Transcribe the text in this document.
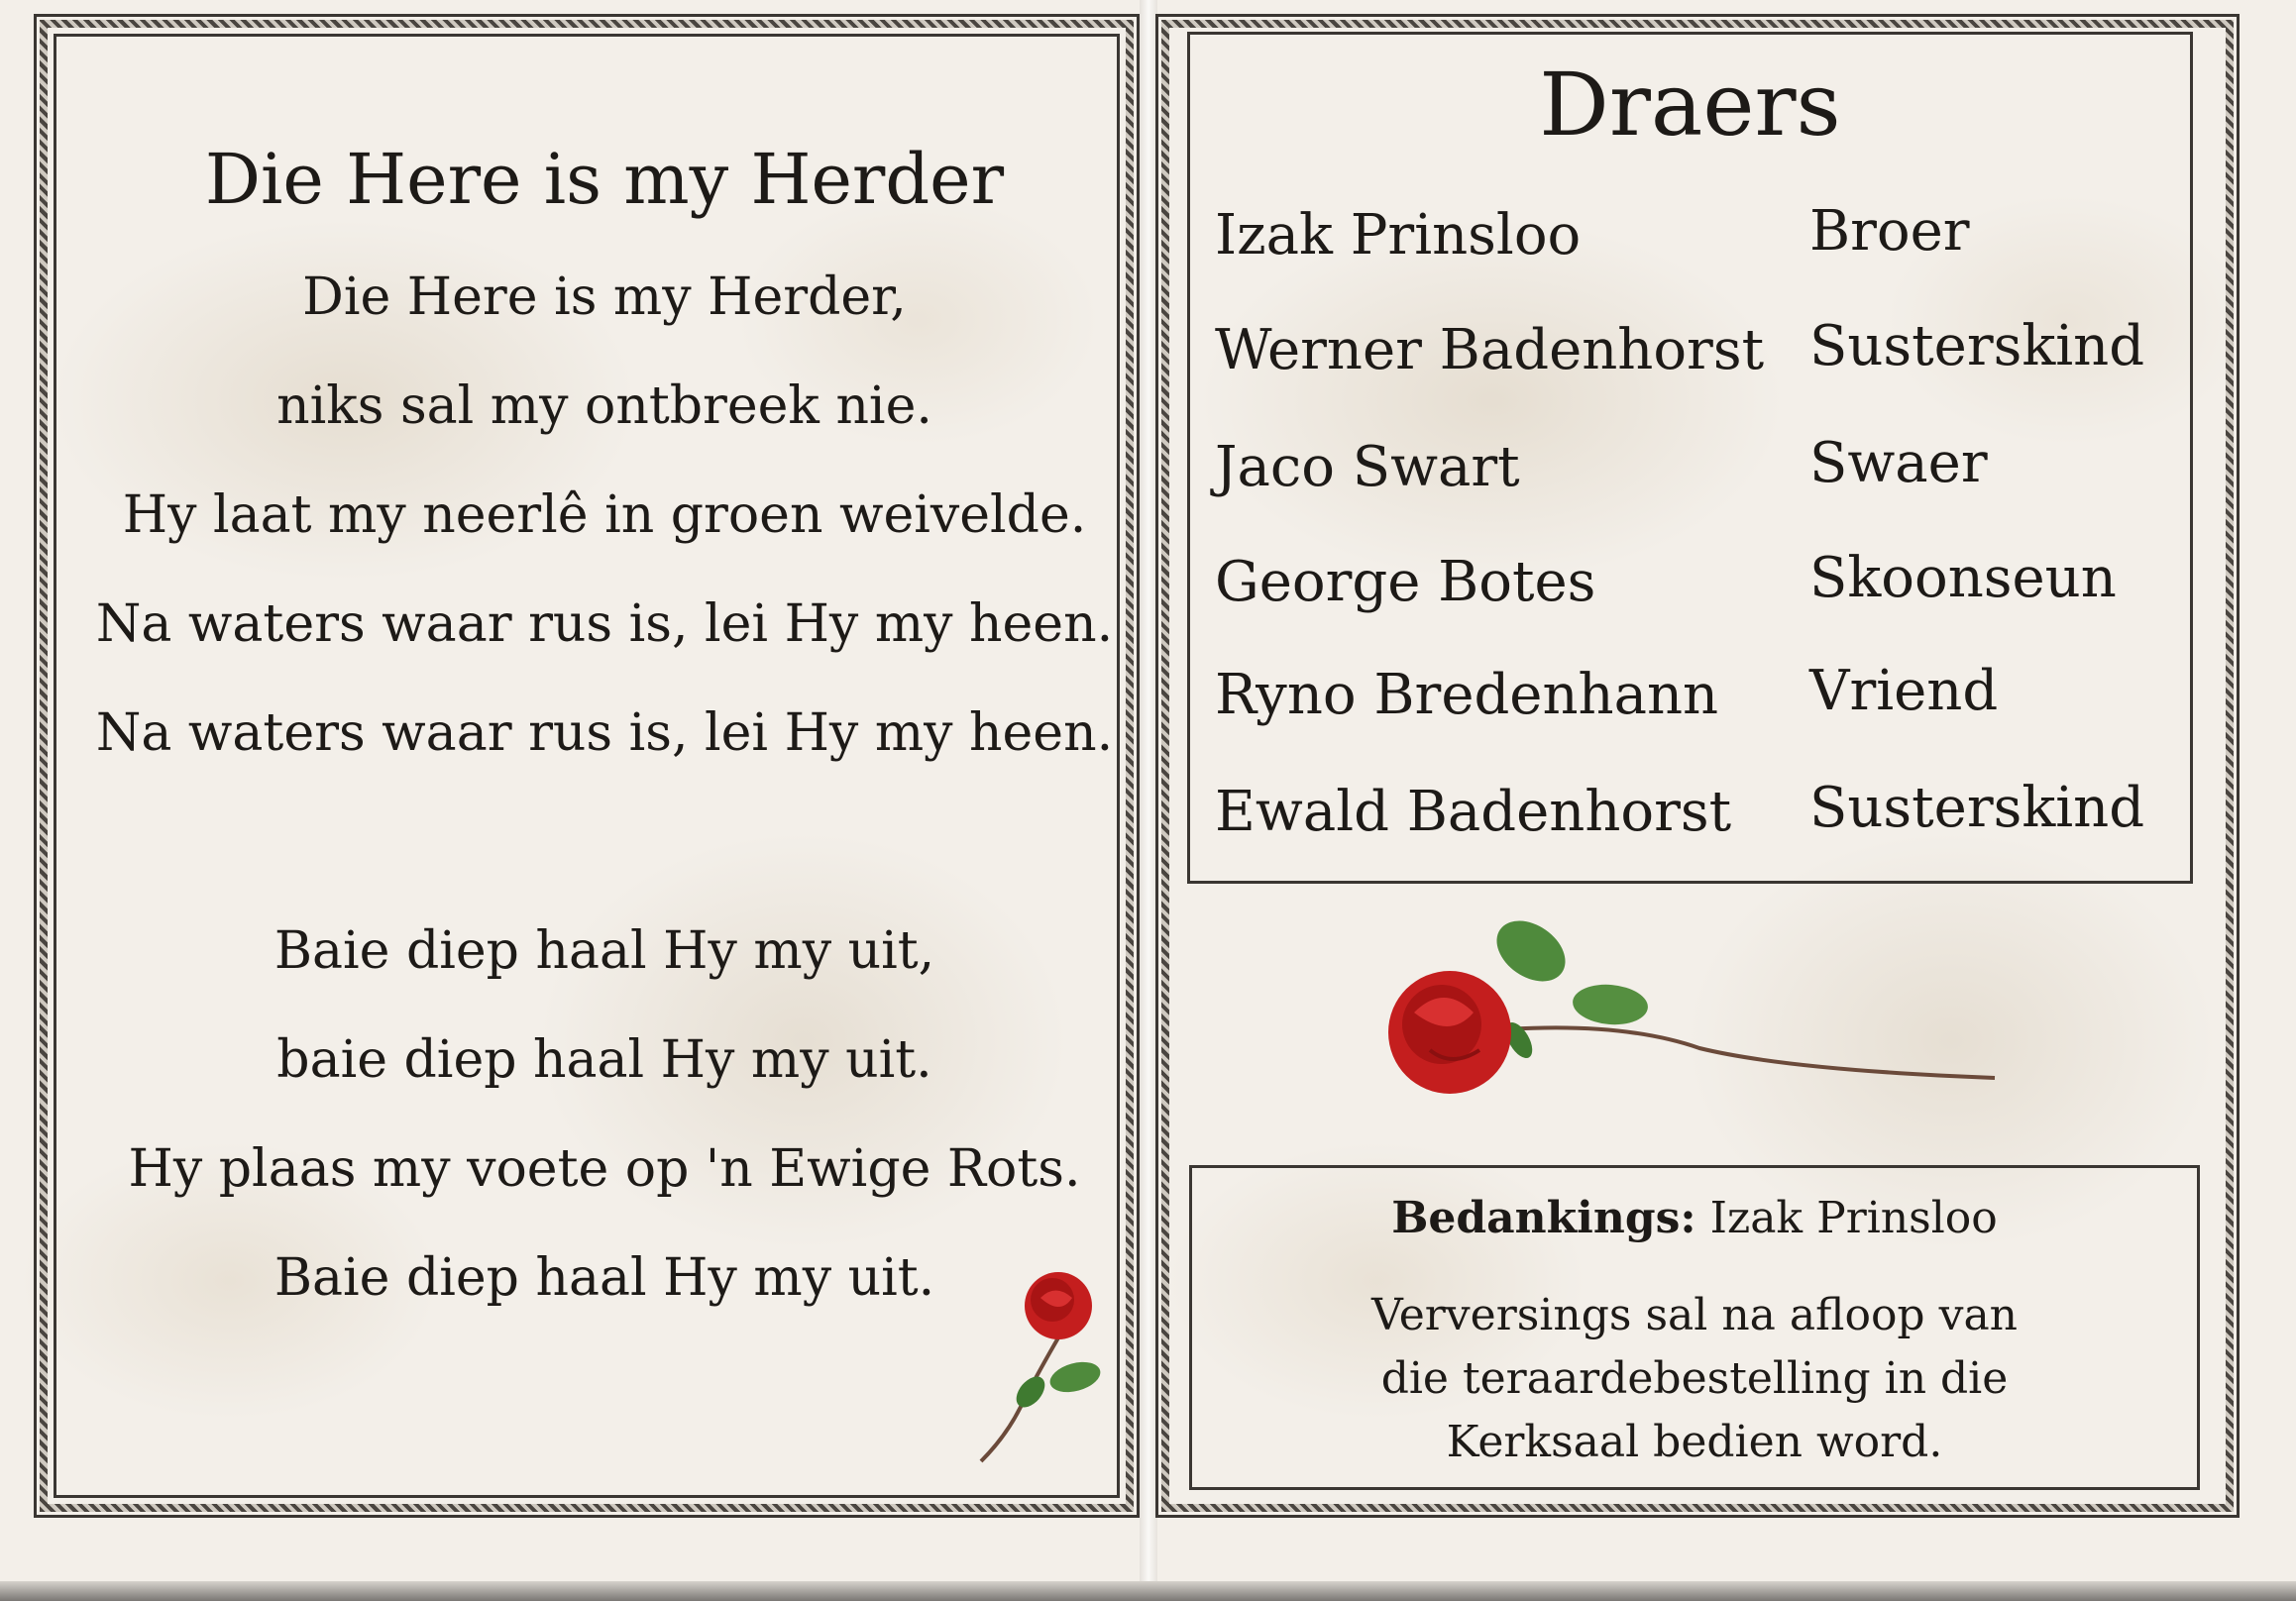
Die Here is my Herder
Die Here is my Herder,
niks sal my ontbreek nie.
Hy laat my neerlê in groen weivelde.
Na waters waar rus is, lei Hy my heen.
Na waters waar rus is, lei Hy my heen.
Baie diep haal Hy my uit,
baie diep haal Hy my uit.
Hy plaas my voete op 'n Ewige Rots.
Baie diep haal Hy my uit.
Draers
Izak Prinsloo	Broer
Werner Badenhorst Susterskind
Jaco Swart	Swaer
George Botes	Skoonseun
Ryno Bredenhann Vriend
Ewald Badenhorst Susterskind
Bedankings: Izak Prinsloo
Verversings sal na afloop van
die teraardebestelling in die
Kerksaal bedien word.
